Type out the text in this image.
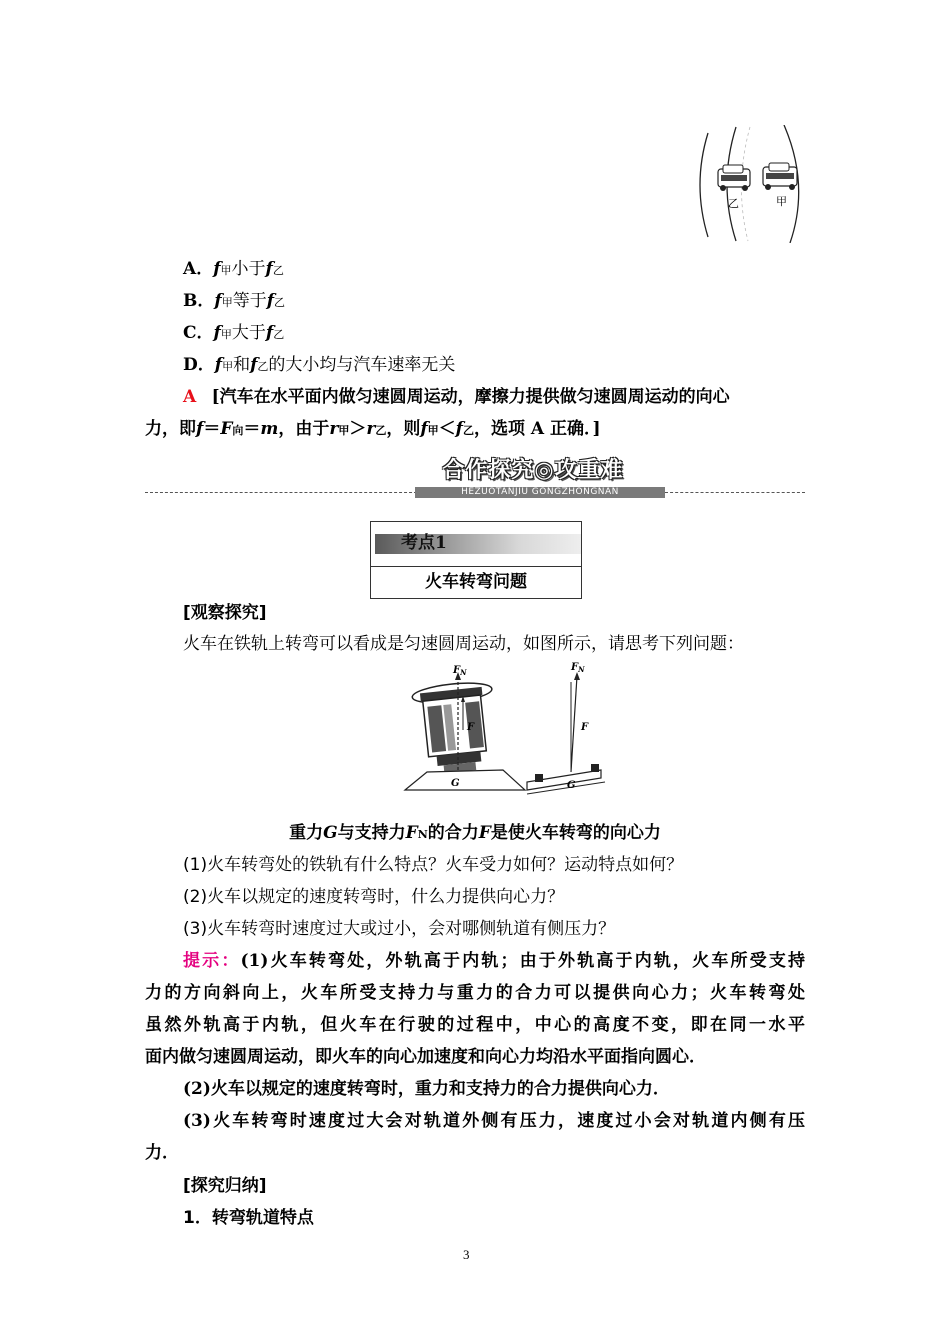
乙	甲
A．f甲小于f乙
B．f甲等于f乙
C．f甲大于f乙
D．f甲和f乙的大小均与汽车速率无关
A [汽车在水平面内做匀速圆周运动，摩擦力提供做匀速圆周运动的向心
力，即f＝F向＝m，由于r甲＞r乙，则f甲＜f乙，选项 A 正确．]
合作探究◎攻重难
HEZUOTANJIU GONGZHONGNAN
考点1
火车转弯问题
[观察探究]
火车在铁轨上转弯可以看成是匀速圆周运动，如图所示，请思考下列问题：
$F_N$
F
G
$F_N$
F
G
重力G与支持力FN的合力F是使火车转弯的向心力
(1)火车转弯处的铁轨有什么特点？火车受力如何？运动特点如何？
(2)火车以规定的速度转弯时，什么力提供向心力？
(3)火车转弯时速度过大或过小，会对哪侧轨道有侧压力？
提示：(1)火车转弯处，外轨高于内轨；由于外轨高于内轨，火车所受支持
力的方向斜向上，火车所受支持力与重力的合力可以提供向心力；火车转弯处
虽然外轨高于内轨，但火车在行驶的过程中，中心的高度不变，即在同一水平
面内做匀速圆周运动，即火车的向心加速度和向心力均沿水平面指向圆心．
(2)火车以规定的速度转弯时，重力和支持力的合力提供向心力．
(3)火车转弯时速度过大会对轨道外侧有压力，速度过小会对轨道内侧有压
力．
[探究归纳]
1．转弯轨道特点
3
